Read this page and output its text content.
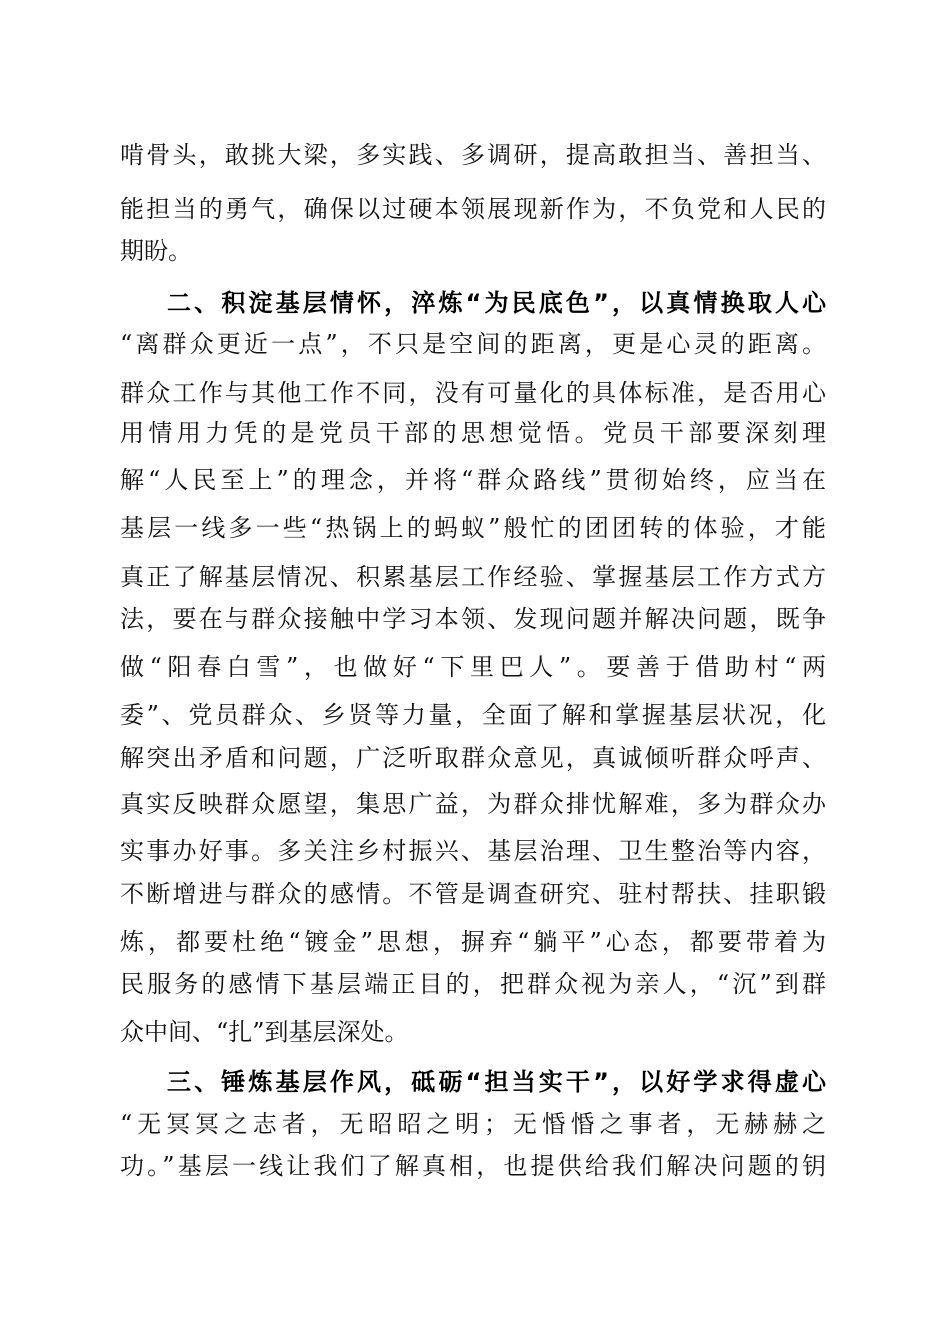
啃骨头，敢挑大梁，多实践、多调研，提高敢担当、善担当、
能担当的勇气，确保以过硬本领展现新作为，不负党和人民的
期盼。
二、积淀基层情怀，淬炼“为民底色”，以真情换取人心
“离群众更近一点”，不只是空间的距离，更是心灵的距离。
群众工作与其他工作不同，没有可量化的具体标准，是否用心
用情用力凭的是党员干部的思想觉悟。党员干部要深刻理
解“人民至上”的理念，并将“群众路线”贯彻始终，应当在
基层一线多一些“热锅上的蚂蚁”般忙的团团转的体验，才能
真正了解基层情况、积累基层工作经验、掌握基层工作方式方
法，要在与群众接触中学习本领、发现问题并解决问题，既争
做“阳春白雪”，也做好“下里巴人”。要善于借助村“两
委”、党员群众、乡贤等力量，全面了解和掌握基层状况，化
解突出矛盾和问题，广泛听取群众意见，真诚倾听群众呼声、
真实反映群众愿望，集思广益，为群众排忧解难，多为群众办
实事办好事。多关注乡村振兴、基层治理、卫生整治等内容，
不断增进与群众的感情。不管是调查研究、驻村帮扶、挂职锻
炼，都要杜绝“镀金”思想，摒弃“躺平”心态，都要带着为
民服务的感情下基层端正目的，把群众视为亲人，“沉”到群
众中间、“扎”到基层深处。
三、锤炼基层作风，砥砺“担当实干”，以好学求得虚心
“无冥冥之志者，无昭昭之明；无惛惛之事者，无赫赫之
功。”基层一线让我们了解真相，也提供给我们解决问题的钥
